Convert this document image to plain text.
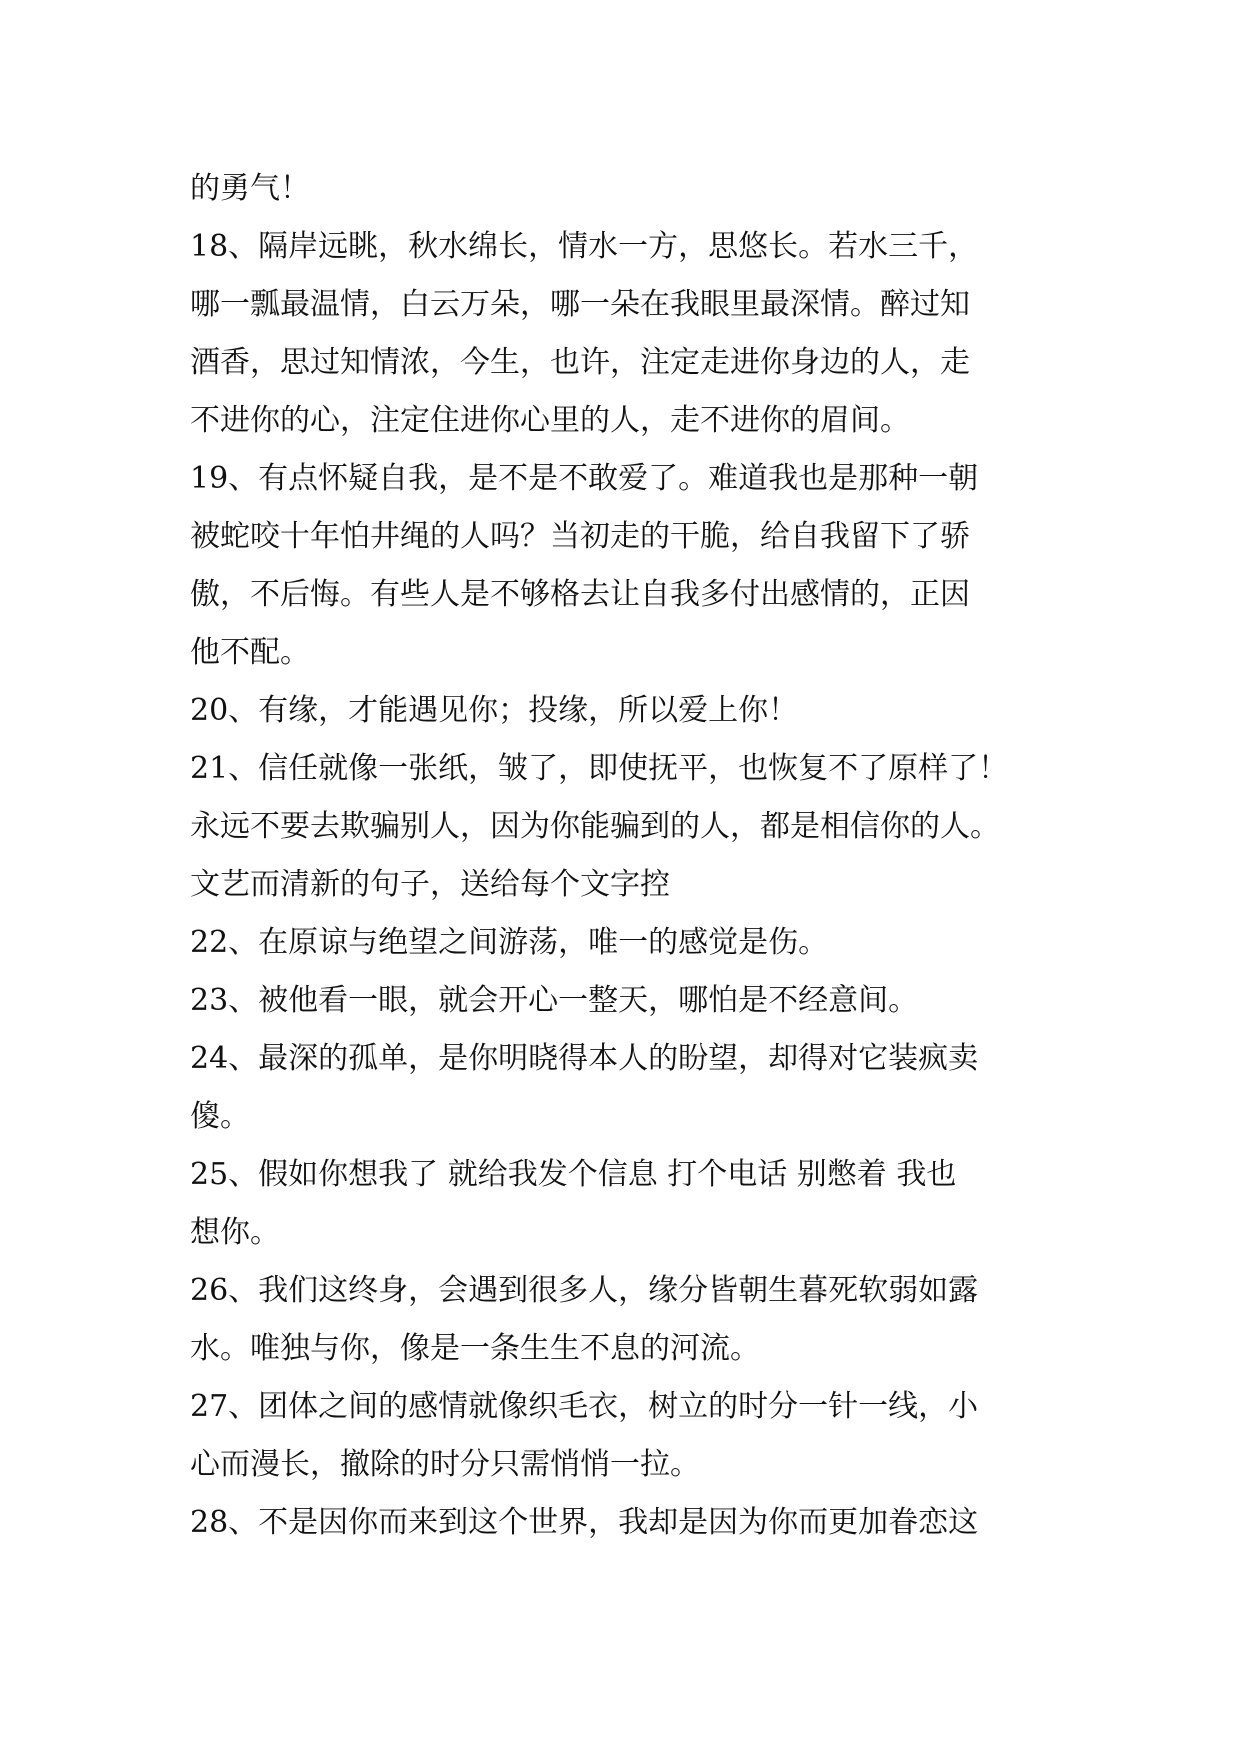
的勇气！
18、隔岸远眺，秋水绵长，情水一方，思悠长。若水三千，
哪一瓢最温情，白云万朵，哪一朵在我眼里最深情。醉过知
酒香，思过知情浓，今生，也许，注定走进你身边的人，走
不进你的心，注定住进你心里的人，走不进你的眉间。
19、有点怀疑自我，是不是不敢爱了。难道我也是那种一朝
被蛇咬十年怕井绳的人吗？当初走的干脆，给自我留下了骄
傲，不后悔。有些人是不够格去让自我多付出感情的，正因
他不配。
20、有缘，才能遇见你；投缘，所以爱上你！
21、信任就像一张纸，皱了，即使抚平，也恢复不了原样了！
永远不要去欺骗别人，因为你能骗到的人，都是相信你的人。
文艺而清新的句子，送给每个文字控
22、在原谅与绝望之间游荡，唯一的感觉是伤。
23、被他看一眼，就会开心一整天，哪怕是不经意间。
24、最深的孤单，是你明晓得本人的盼望，却得对它装疯卖
傻。
25、假如你想我了 就给我发个信息 打个电话 别憋着 我也
想你。
26、我们这终身，会遇到很多人，缘分皆朝生暮死软弱如露
水。唯独与你，像是一条生生不息的河流。
27、团体之间的感情就像织毛衣，树立的时分一针一线，小
心而漫长，撤除的时分只需悄悄一拉。
28、不是因你而来到这个世界，我却是因为你而更加眷恋这
